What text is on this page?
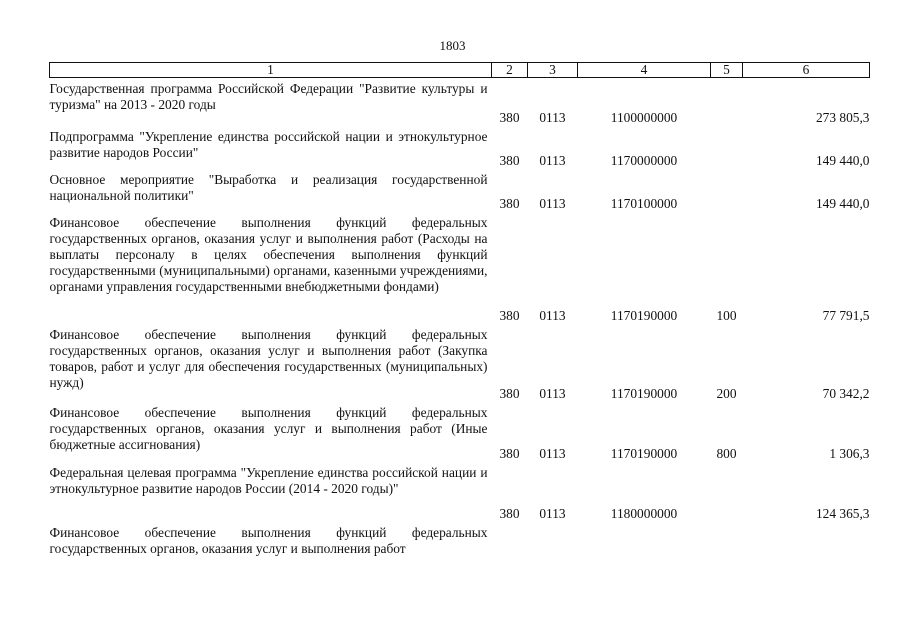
1803
1	2	3	4	5	6

Государственная программа Российской Федерации "Развитие культуры и туризма" на 2013 - 2020 годы	380	0113	1100000000		273 805,3

Подпрограмма "Укрепление единства российской нации и этнокультурное развитие народов России"	380	0113	1170000000		149 440,0

Основное мероприятие "Выработка и реализация государственной национальной политики"	380	0113	1170100000		149 440,0

Финансовое обеспечение выполнения функций федеральных государственных органов, оказания услуг и выполнения работ (Расходы на выплаты персоналу в целях обеспечения выполнения функций государственными (муниципальными) органами, казенными учреждениями, органами управления государственными внебюджетными фондами)	380	0113	1170190000	100	77 791,5

Финансовое обеспечение выполнения функций федеральных государственных органов, оказания услуг и выполнения работ (Закупка товаров, работ и услуг для обеспечения государственных (муниципальных) нужд)	380	0113	1170190000	200	70 342,2

Финансовое обеспечение выполнения функций федеральных государственных органов, оказания услуг и выполнения работ (Иные бюджетные ассигнования)	380	0113	1170190000	800	1 306,3

Федеральная целевая программа "Укрепление единства российской нации и этнокультурное развитие народов России (2014 - 2020 годы)"	380	0113	1180000000		124 365,3

Финансовое обеспечение выполнения функций федеральных государственных органов, оказания услуг и выполнения работ					
